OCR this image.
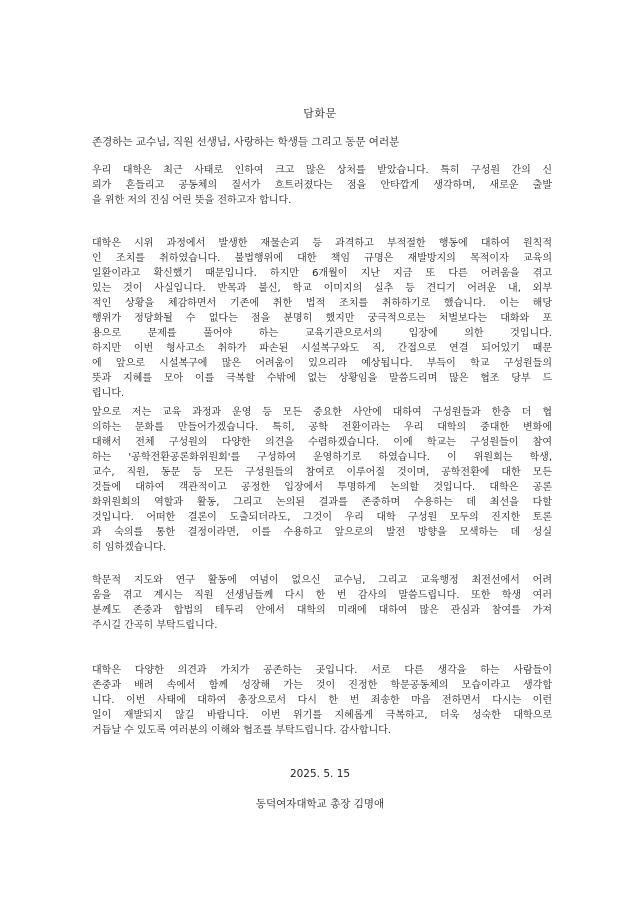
담화문
존경하는 교수님, 직원 선생님, 사랑하는 학생들 그리고 동문 여러분
우리 대학은 최근 사태로 인하여 크고 많은 상처를 받았습니다. 특히 구성원 간의 신
뢰가 흔들리고 공동체의 질서가 흐트러졌다는 점을 안타깝게 생각하며, 새로운 출발
을 위한 저의 진심 어린 뜻을 전하고자 합니다.
대학은 시위 과정에서 발생한 재물손괴 등 과격하고 부적절한 행동에 대하여 원칙적
인 조치를 취하였습니다. 불법행위에 대한 책임 규명은 재발방지의 목적이자 교육의
일환이라고 확신했기 때문입니다. 하지만 6개월이 지난 지금 또 다른 어려움을 겪고
있는 것이 사실입니다. 반목과 불신, 학교 이미지의 실추 등 견디기 어려운 내, 외부
적인 상황을 체감하면서 기존에 취한 법적 조치를 취하하기로 했습니다. 이는 해당
행위가 정당화될 수 없다는 점을 분명히 했지만 궁극적으로는 처벌보다는 대화와 포
용으로 문제를 풀어야 하는 교육기관으로서의 입장에 의한 것입니다.
하지만 이번 형사고소 취하가 파손된 시설복구와도 직, 간접으로 연결 되어있기 때문
에 앞으로 시설복구에 많은 어려움이 있으리라 예상됩니다. 부득이 학교 구성원들의
뜻과 지혜를 모아 이를 극복할 수밖에 없는 상황임을 말씀드리며 많은 협조 당부 드
립니다.
앞으로 저는 교육 과정과 운영 등 모든 중요한 사안에 대하여 구성원들과 한층 더 협
의하는 문화를 만들어가겠습니다. 특히, 공학 전환이라는 우리 대학의 중대한 변화에
대해서 전체 구성원의 다양한 의견을 수렴하겠습니다. 이에 학교는 구성원들이 참여
하는 '공학전환공론화위원회'를 구성하여 운영하기로 하였습니다. 이 위원회는 학생,
교수, 직원, 동문 등 모든 구성원들의 참여로 이루어질 것이며, 공학전환에 대한 모든
것들에 대하여 객관적이고 공정한 입장에서 투명하게 논의할 것입니다. 대학은 공론
화위원회의 역할과 활동, 그리고 논의된 결과를 존중하며 수용하는 데 최선을 다할
것입니다. 어떠한 결론이 도출되더라도, 그것이 우리 대학 구성원 모두의 진지한 토론
과 숙의를 통한 결정이라면, 이를 수용하고 앞으로의 발전 방향을 모색하는 데 성실
히 임하겠습니다.
학문적 지도와 연구 활동에 여념이 없으신 교수님, 그리고 교육행정 최전선에서 어려
움을 겪고 계시는 직원 선생님들께 다시 한 번 감사의 말씀드립니다. 또한 학생 여러
분께도 존중과 합법의 테두리 안에서 대학의 미래에 대하여 많은 관심과 참여를 가져
주시길 간곡히 부탁드립니다.
대학은 다양한 의견과 가치가 공존하는 곳입니다. 서로 다른 생각을 하는 사람들이
존중과 배려 속에서 함께 성장해 가는 것이 진정한 학문공동체의 모습이라고 생각합
니다. 이번 사태에 대하여 총장으로서 다시 한 번 죄송한 마음 전하면서 다시는 이런
일이 재발되지 않길 바랍니다. 이번 위기를 지혜롭게 극복하고, 더욱 성숙한 대학으로
거듭날 수 있도록 여러분의 이해와 협조를 부탁드립니다. 감사합니다.
2025. 5. 15
동덕여자대학교 총장 김명애
